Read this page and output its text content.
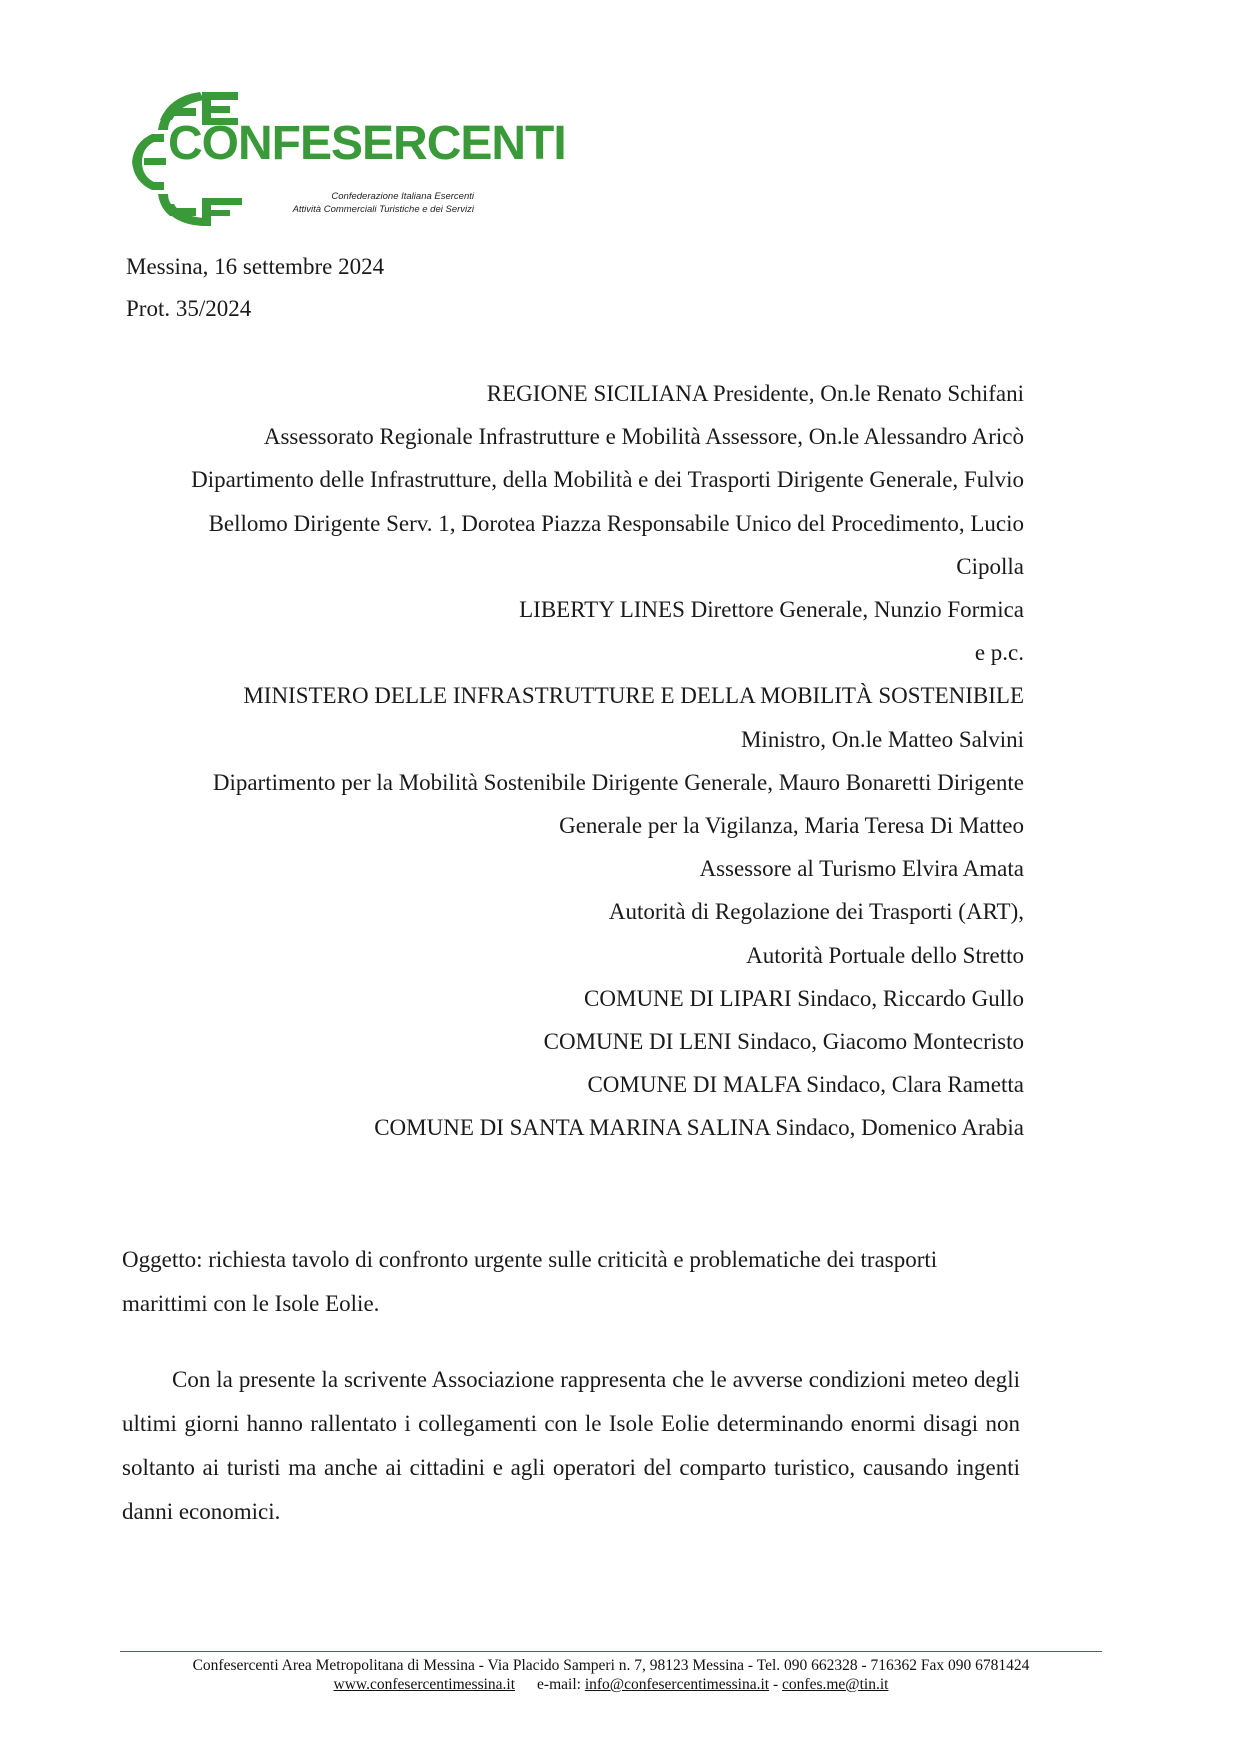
CONFESERCENTI
Confederazione Italiana Esercenti
Attività Commerciali Turistiche e dei Servizi
Messina, 16 settembre 2024
Prot. 35/2024
REGIONE SICILIANA Presidente, On.le Renato Schifani
Assessorato Regionale Infrastrutture e Mobilità Assessore, On.le Alessandro Aricò
Dipartimento delle Infrastrutture, della Mobilità e dei Trasporti Dirigente Generale, Fulvio
Bellomo Dirigente Serv. 1, Dorotea Piazza Responsabile Unico del Procedimento, Lucio
Cipolla
LIBERTY LINES Direttore Generale, Nunzio Formica
e p.c.
MINISTERO DELLE INFRASTRUTTURE E DELLA MOBILITÀ SOSTENIBILE
Ministro, On.le Matteo Salvini
Dipartimento per la Mobilità Sostenibile Dirigente Generale, Mauro Bonaretti Dirigente
Generale per la Vigilanza, Maria Teresa Di Matteo
Assessore al Turismo Elvira Amata
Autorità di Regolazione dei Trasporti (ART),
Autorità Portuale dello Stretto
COMUNE DI LIPARI Sindaco, Riccardo Gullo
COMUNE DI LENI Sindaco, Giacomo Montecristo
COMUNE DI MALFA Sindaco, Clara Rametta
COMUNE DI SANTA MARINA SALINA Sindaco, Domenico Arabia
Oggetto: richiesta tavolo di confronto urgente sulle criticità e problematiche dei trasporti marittimi con le Isole Eolie.
Con la presente la scrivente Associazione rappresenta che le avverse condizioni meteo degli ultimi giorni hanno rallentato i collegamenti con le Isole Eolie determinando enormi disagi non soltanto ai turisti ma anche ai cittadini e agli operatori del comparto turistico, causando ingenti danni economici.
Confesercenti Area Metropolitana di Messina - Via Placido Samperi n. 7, 98123 Messina - Tel. 090 662328 - 716362 Fax 090 6781424
www.confesercentimessina.it e-mail: info@confesercentimessina.it - confes.me@tin.it
